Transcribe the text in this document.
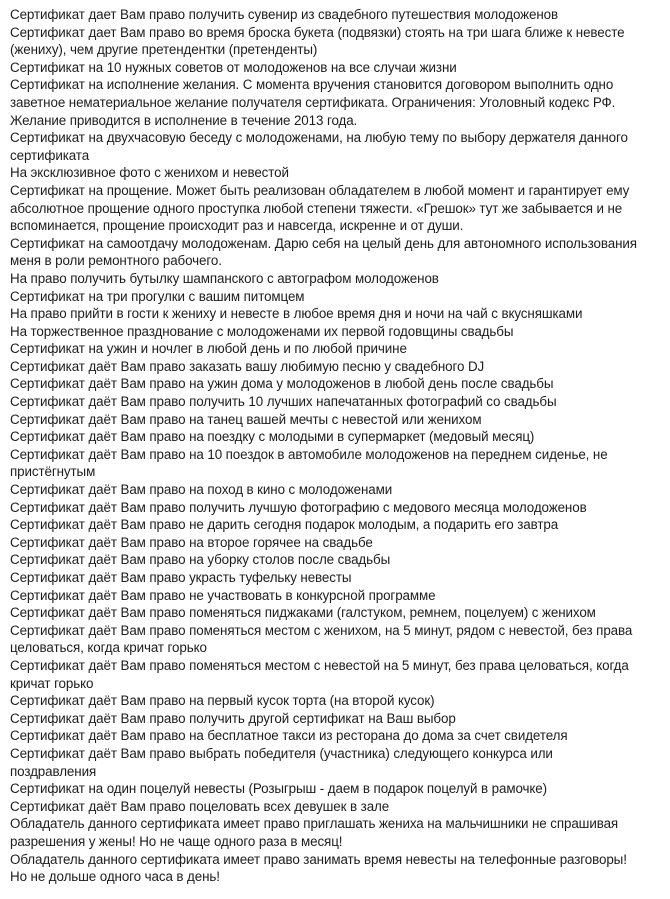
Сертификат дает Вам право получить сувенир из свадебного путешествия молодоженов
Сертификат дает Вам право во время броска букета (подвязки) стоять на три шага ближе к невесте
(жениху), чем другие претендентки (претенденты)
Сертификат на 10 нужных советов от молодоженов на все случаи жизни
Сертификат на исполнение желания. С момента вручения становится договором выполнить одно
заветное нематериальное желание получателя сертификата. Ограничения: Уголовный кодекс РФ.
Желание приводится в исполнение в течение 2013 года.
Сертификат на двухчасовую беседу с молодоженами, на любую тему по выбору держателя данного
сертификата
На эксклюзивное фото с женихом и невестой
Сертификат на прощение. Может быть реализован обладателем в любой момент и гарантирует ему
абсолютное прощение одного проступка любой степени тяжести. «Грешок» тут же забывается и не
вспоминается, прощение происходит раз и навсегда, искренне и от души.
Сертификат на самоотдачу молодоженам. Дарю себя на целый день для автономного использования
меня в роли ремонтного рабочего.
На право получить бутылку шампанского с автографом молодоженов
Сертификат на три прогулки с вашим питомцем
На право прийти в гости к жениху и невесте в любое время дня и ночи на чай с вкусняшками
На торжественное празднование с молодоженами их первой годовщины свадьбы
Сертификат на ужин и ночлег в любой день и по любой причине
Сертификат даёт Вам право заказать вашу любимую песню у свадебного DJ
Сертификат даёт Вам право на ужин дома у молодоженов в любой день после свадьбы
Сертификат даёт Вам право получить 10 лучших напечатанных фотографий со свадьбы
Сертификат даёт Вам право на танец вашей мечты с невестой или женихом
Сертификат даёт Вам право на поездку с молодыми в супермаркет (медовый месяц)
Сертификат даёт Вам право на 10 поездок в автомобиле молодоженов на переднем сиденье, не
пристёгнутым
Сертификат даёт Вам право на поход в кино с молодоженами
Сертификат даёт Вам право получить лучшую фотографию с медового месяца молодоженов
Сертификат даёт Вам право не дарить сегодня подарок молодым, а подарить его завтра
Сертификат даёт Вам право на второе горячее на свадьбе
Сертификат даёт Вам право на уборку столов после свадьбы
Сертификат даёт Вам право украсть туфельку невесты
Сертификат даёт Вам право не участвовать в конкурсной программе
Сертификат даёт Вам право поменяться пиджаками (галстуком, ремнем, поцелуем) с женихом
Сертификат даёт Вам право поменяться местом с женихом, на 5 минут, рядом с невестой, без права
целоваться, когда кричат горько
Сертификат даёт Вам право поменяться местом с невестой на 5 минут, без права целоваться, когда
кричат горько
Сертификат даёт Вам право на первый кусок торта (на второй кусок)
Сертификат даёт Вам право получить другой сертификат на Ваш выбор
Сертификат даёт Вам право на бесплатное такси из ресторана до дома за счет свидетеля
Сертификат даёт Вам право выбрать победителя (участника) следующего конкурса или
поздравления
Сертификат на один поцелуй невесты (Розыгрыш - даем в подарок поцелуй в рамочке)
Сертификат даёт Вам право поцеловать всех девушек в зале
Обладатель данного сертификата имеет право приглашать жениха на мальчишники не спрашивая
разрешения у жены! Но не чаще одного раза в месяц!
Обладатель данного сертификата имеет право занимать время невесты на телефонные разговоры!
Но не дольше одного часа в день!
